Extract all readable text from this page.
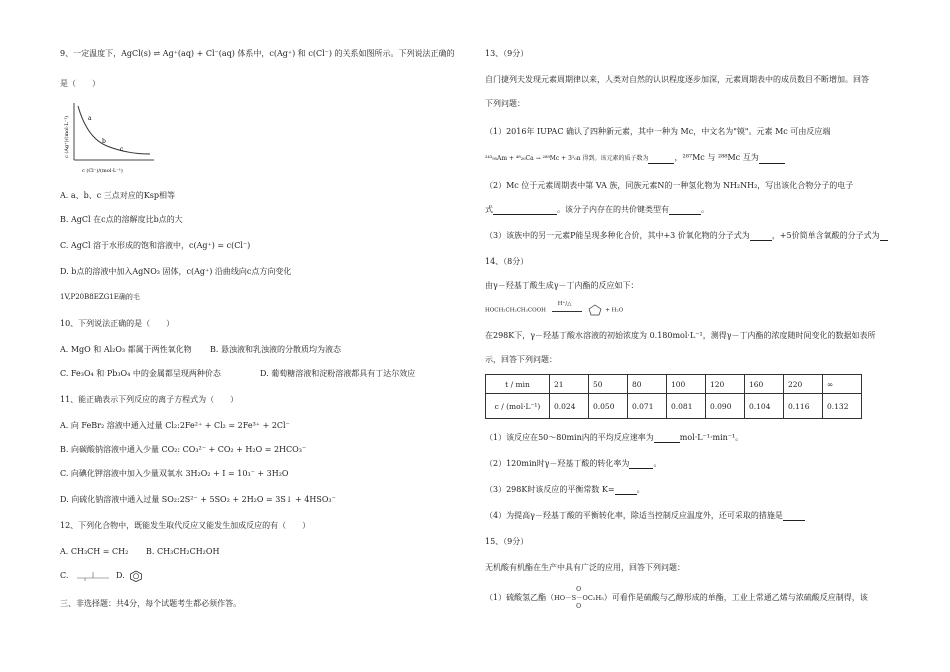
9、一定温度下，AgCl(s) ⇌ Ag⁺(aq) + Cl⁻(aq) 体系中，c(Ag⁺) 和 c(Cl⁻) 的关系如图所示。下列说法正确的
是（　　）
a
b
c
c (Ag⁺)/(mol·L⁻¹)
c (Cl⁻)/(mol·L⁻¹)
A. a、b、c 三点对应的Ksp相等
B. AgCl 在c点的溶解度比b点的大
C. AgCl 溶于水形成的饱和溶液中，c(Ag⁺) = c(Cl⁻)
D. b点的溶液中加入AgNO₃ 固体，c(Ag⁺) 沿曲线向c点方向变化
1V,P20B8EZG1E确的毛
10、下列说法正确的是（　　）
A. MgO 和 Al₂O₃ 都属于两性氧化物 B. 悬浊液和乳浊液的分散质均为液态
C. Fe₃O₄ 和 Pb₃O₄ 中的金属都呈现两种价态	D. 葡萄糖溶液和淀粉溶液都具有丁达尔效应
11、能正确表示下列反应的离子方程式为（　　）
A. 向 FeBr₂ 溶液中通入过量 Cl₂:2Fe²⁺ + Cl₂ = 2Fe³⁺ + 2Cl⁻
B. 向碳酸钠溶液中通入少量 CO₂: CO₃²⁻ + CO₂ + H₂O = 2HCO₃⁻
C. 向碘化钾溶液中加入少量双氧水 3H₂O₂ + I = 10₃⁻ + 3H₂O
D. 向硫化钠溶液中通入过量 SO₂:2S²⁻ + 5SO₂ + 2H₂O = 3S↓ + 4HSO₃⁻
12、下列化合物中，既能发生取代反应又能发生加成反应的有（　　）
A. CH₃CH = CH₂ B. CH₃CH₂CH₂OH
C.	D.
三、非选择题：共4分，每个试题考生都必须作答。
13、（9分）
自门捷列夫发现元素周期律以来，人类对自然的认识程度逐步加深，元素周期表中的成员数目不断增加。回答
下列问题：
（1）2016年 IUPAC 确认了四种新元素，其中一种为 Mc，中文名为"镆"。元素 Mc 可由反应端
²⁴³₉₅Am + ⁴⁸₂₀Ca → ²⁸⁸Mc + 3¹₀n 得到。该元素的质子数为	，²⁸⁷Mc 与 ²⁸⁸Mc 互为
（2）Mc 位于元素周期表中第 VA 族，同族元素N的一种氢化物为 NH₂NH₂，写出该化合物分子的电子
式	。该分子内存在的共价键类型有	。
（3）该族中的另一元素P能呈现多种化合价，其中+3 价氧化物的分子式为	，+5价简单含氧酸的分子式为
14、（8分）
由γ－羟基丁酸生成γ－丁内酯的反应如下：
HOCH₂CH₂CH₂COOH
H⁺/△
+ H₂O
在298K下，γ－羟基丁酸水溶液的初始浓度为 0.180mol·L⁻¹，测得γ－丁内酯的浓度随时间变化的数据如表所
示，回答下列问题：
t / min	21	50	80	100	120	160	220	∞
c / (mol·L⁻¹)	0.024	0.050	0.071	0.081	0.090	0.104	0.116	0.132
（1）该反应在50～80min内的平均反应速率为	mol·L⁻¹·min⁻¹。
（2）120min时γ－羟基丁酸的转化率为	。
（3）298K时该反应的平衡常数 K=	。
（4）为提高γ－羟基丁酸的平衡转化率，除适当控制反应温度外，还可采取的措施是
15、（9分）
无机酸有机酯在生产中具有广泛的应用，回答下列问题：
（1）硫酸氢乙酯（
O
HO－S－OC₂H₅
O
）可看作是硫酸与乙醇形成的单酯，工业上常通乙烯与浓硫酸反应制得，该
